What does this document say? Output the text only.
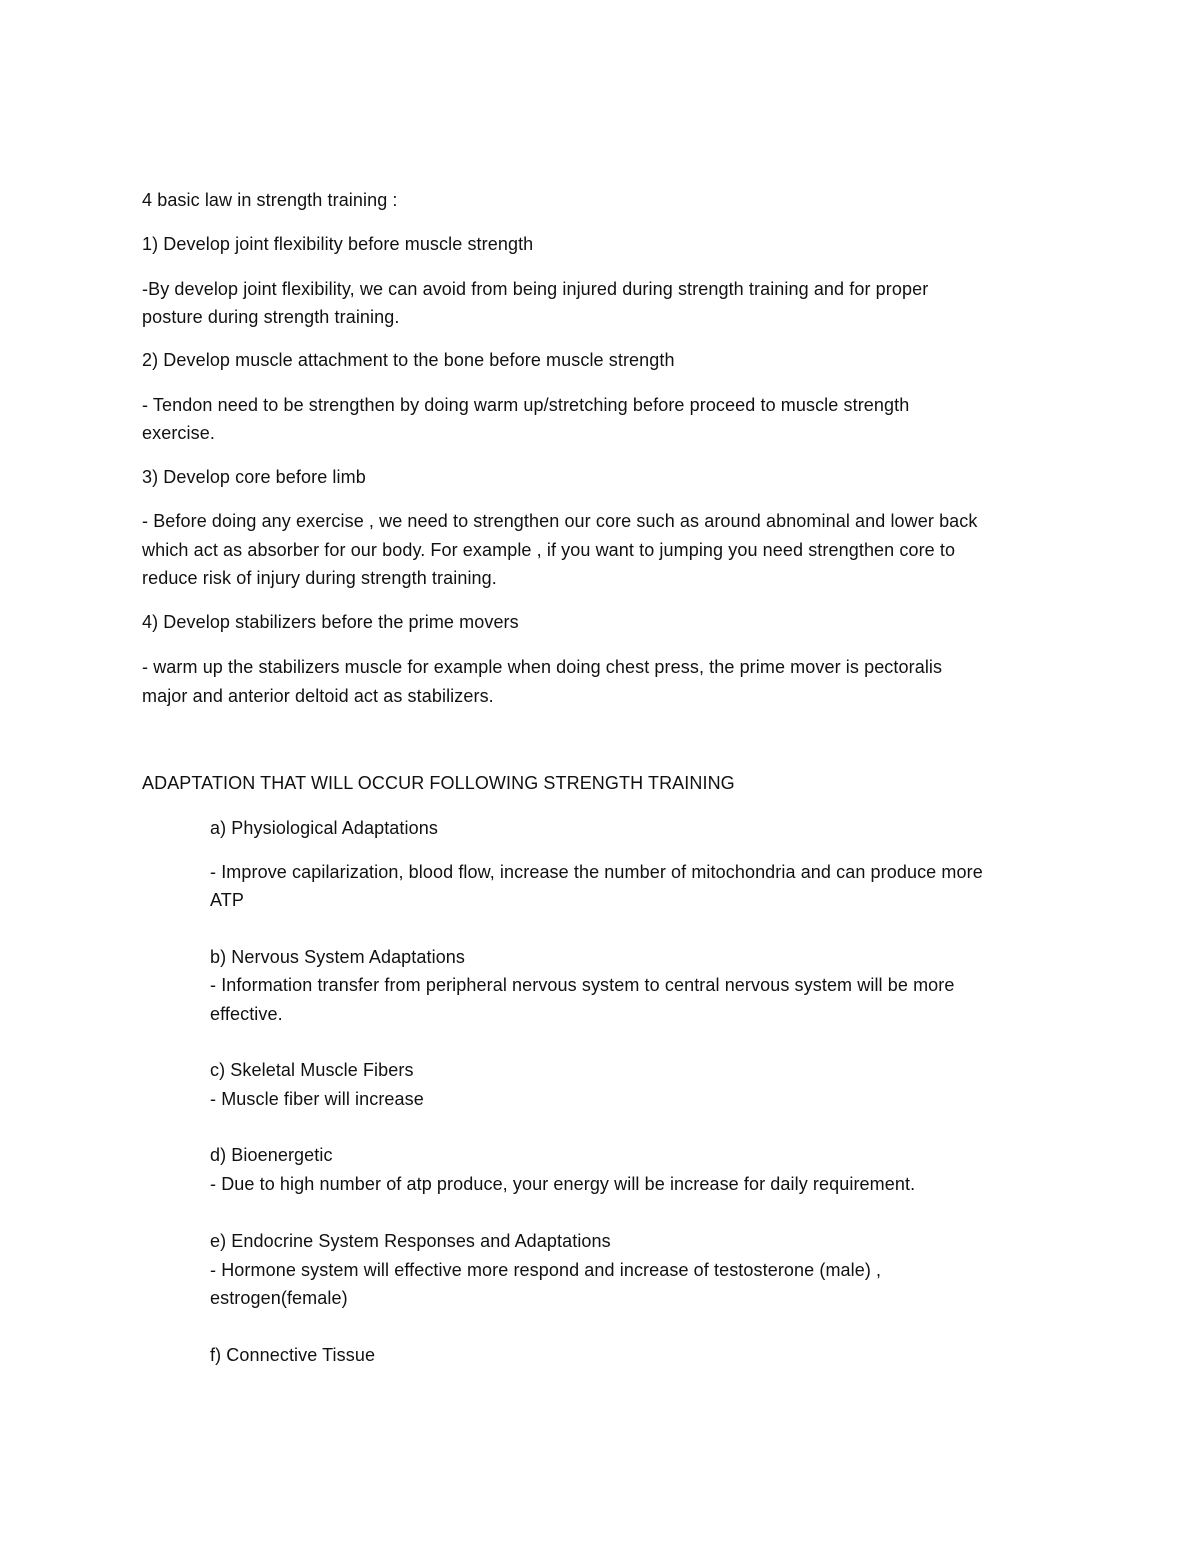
4 basic law in strength training :
1) Develop joint flexibility before muscle strength
-By develop joint flexibility, we can avoid from being injured during strength training and for proper
posture during strength training.
2) Develop muscle attachment to the bone before muscle strength
- Tendon need to be strengthen by doing warm up/stretching before proceed to muscle strength
exercise.
3) Develop core before limb
- Before doing any exercise , we need to strengthen our core such as around abnominal and lower back
which act as absorber for our body. For example , if you want to jumping you need strengthen core to
reduce risk of injury during strength training.
4) Develop stabilizers before the prime movers
- warm up the stabilizers muscle for example when doing chest press, the prime mover is pectoralis
major and anterior deltoid act as stabilizers.
ADAPTATION THAT WILL OCCUR FOLLOWING STRENGTH TRAINING
a) Physiological Adaptations
- Improve capilarization, blood flow, increase the number of mitochondria and can produce more
ATP
b) Nervous System Adaptations
- Information transfer from peripheral nervous system to central nervous system will be more
effective.
c) Skeletal Muscle Fibers
- Muscle fiber will increase
d) Bioenergetic
- Due to high number of atp produce, your energy will be increase for daily requirement.
e) Endocrine System Responses and Adaptations
- Hormone system will effective more respond and increase of testosterone (male) ,
estrogen(female)
f) Connective Tissue
